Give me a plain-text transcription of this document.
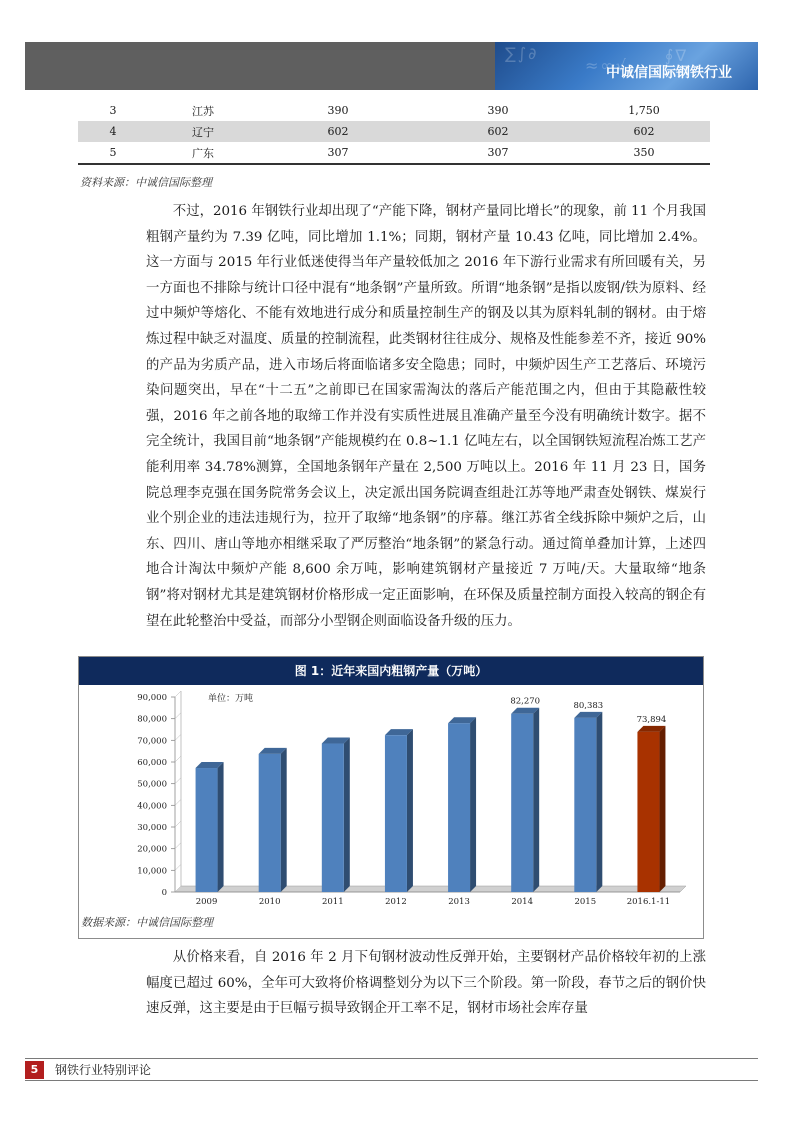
∑∫∂
≈∞√
∮∇
中诚信国际钢铁行业
3	江苏	390	390	1,750
4	辽宁	602	602	602
5	广东	307	307	350
资料来源：中诚信国际整理

不过，2016 年钢铁行业却出现了“产能下降，钢材产量同比增长”的现象，前 11 个月我国粗钢产量约为 7.39 亿吨，同比增加 1.1%；同期，钢材产量 10.43 亿吨，同比增加 2.4%。这一方面与 2015 年行业低迷使得当年产量较低加之 2016 年下游行业需求有所回暖有关，另一方面也不排除与统计口径中混有“地条钢”产量所致。所谓“地条钢”是指以废钢/铁为原料、经过中频炉等熔化、不能有效地进行成分和质量控制生产的钢及以其为原料轧制的钢材。由于熔炼过程中缺乏对温度、质量的控制流程，此类钢材往往成分、规格及性能参差不齐，接近 90%的产品为劣质产品，进入市场后将面临诸多安全隐患；同时，中频炉因生产工艺落后、环境污染问题突出，早在“十二五”之前即已在国家需淘汰的落后产能范围之内，但由于其隐蔽性较强，2016 年之前各地的取缔工作并没有实质性进展且准确产量至今没有明确统计数字。据不完全统计，我国目前“地条钢”产能规模约在 0.8~1.1 亿吨左右，以全国钢铁短流程冶炼工艺产能利用率 34.78%测算，全国地条钢年产量在 2,500 万吨以上。2016 年 11 月 23 日，国务院总理李克强在国务院常务会议上，决定派出国务院调查组赴江苏等地严肃查处钢铁、煤炭行业个别企业的违法违规行为，拉开了取缔“地条钢”的序幕。继江苏省全线拆除中频炉之后，山东、四川、唐山等地亦相继采取了严厉整治“地条钢”的紧急行动。通过简单叠加计算，上述四地合计淘汰中频炉产能 8,600 余万吨，影响建筑钢材产量接近 7 万吨/天。大量取缔“地条钢”将对钢材尤其是建筑钢材价格形成一定正面影响，在环保及质量控制方面投入较高的钢企有望在此轮整治中受益，而部分小型钢企则面临设备升级的压力。

图 1：近年来国内粗钢产量（万吨）
0
10,000
20,000
30,000
40,000
50,000
60,000
70,000
80,000
90,000	单位：万吨
2009	2010	2011	2012	2013	2014
82,270
2015
80,383
2016.1-11
73,894
数据来源：中诚信国际整理

从价格来看，自 2016 年 2 月下旬钢材波动性反弹开始，主要钢材产品价格较年初的上涨幅度已超过 60%，全年可大致将价格调整划分为以下三个阶段。第一阶段，春节之后的钢价快速反弹，这主要是由于巨幅亏损导致钢企开工率不足，钢材市场社会库存量

5	钢铁行业特别评论
